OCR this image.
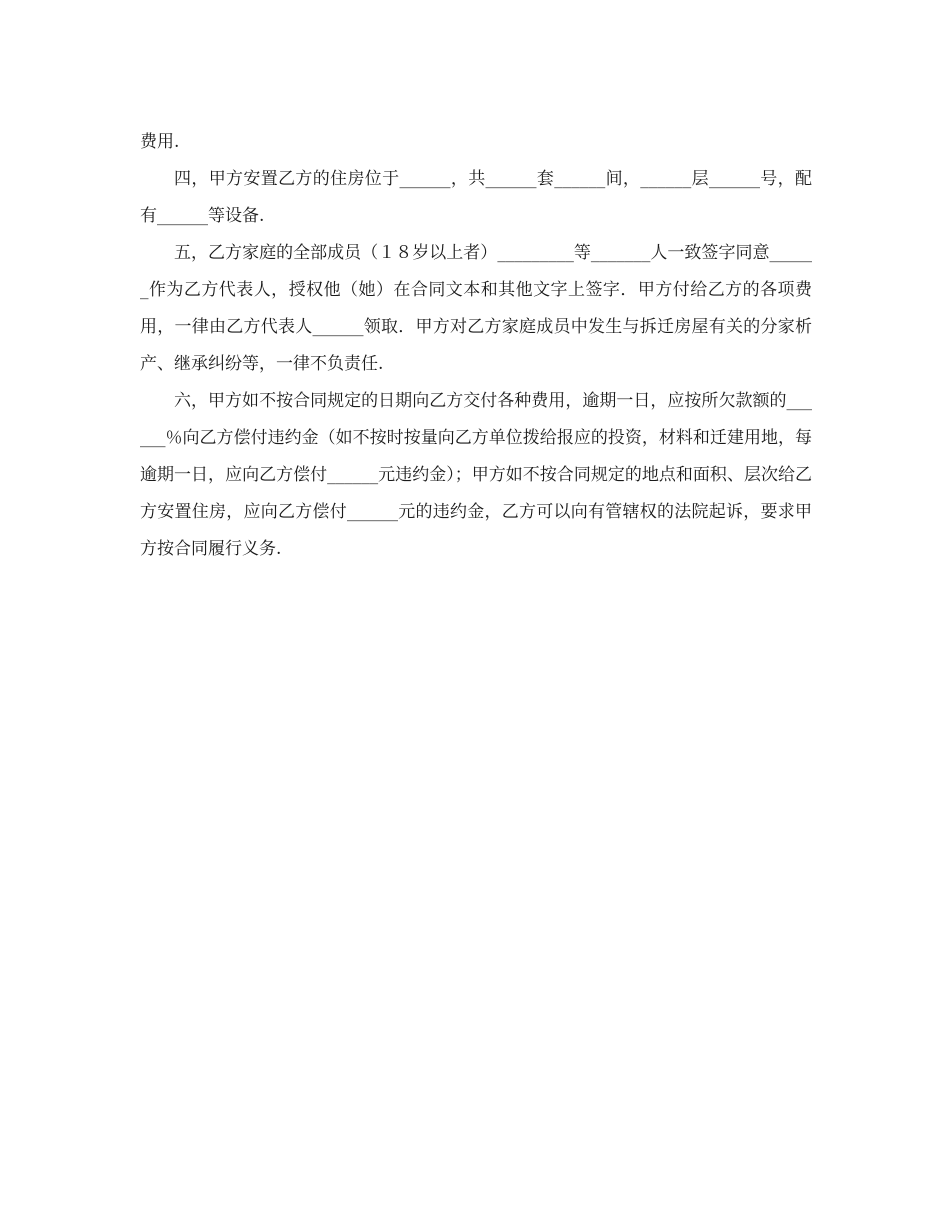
费用.

四，甲方安置乙方的住房位于______，共______套______间，______层______号，配有______等设备.

五，乙方家庭的全部成员（１８岁以上者）_________等_______人一致签字同意______作为乙方代表人，授权他（她）在合同文本和其他文字上签字．甲方付给乙方的各项费用，一律由乙方代表人______领取．甲方对乙方家庭成员中发生与拆迁房屋有关的分家析产、继承纠纷等，一律不负责任.

六，甲方如不按合同规定的日期向乙方交付各种费用，逾期一日，应按所欠款额的______％向乙方偿付违约金（如不按时按量向乙方单位拨给报应的投资，材料和迁建用地，每逾期一日，应向乙方偿付______元违约金）；甲方如不按合同规定的地点和面积、层次给乙方安置住房，应向乙方偿付______元的违约金，乙方可以向有管辖权的法院起诉，要求甲方按合同履行义务.
